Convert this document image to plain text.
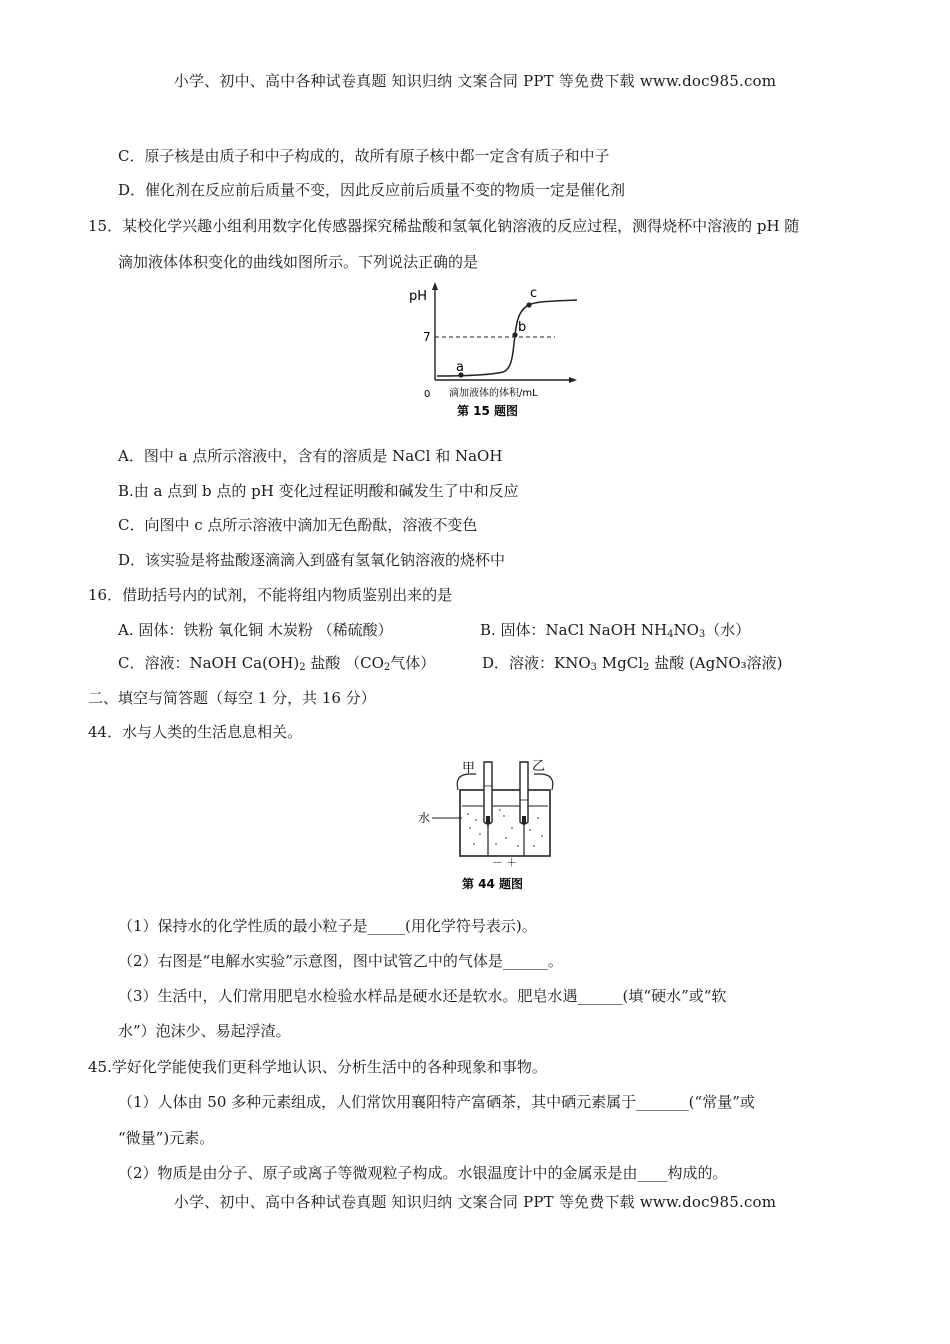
小学、初中、高中各种试卷真题 知识归纳 文案合同 PPT 等免费下载 www.doc985.com
C．原子核是由质子和中子构成的，故所有原子核中都一定含有质子和中子
D．催化剂在反应前后质量不变，因此反应前后质量不变的物质一定是催化剂
15．某校化学兴趣小组利用数字化传感器探究稀盐酸和氢氧化钠溶液的反应过程，测得烧杯中溶液的 pH 随
滴加液体体积变化的曲线如图所示。下列说法正确的是
pH
7
a
b
c
0 滴加液体的体积/mL
第 15 题图
A．图中 a 点所示溶液中，含有的溶质是 NaCl 和 NaOH
B.由 a 点到 b 点的 pH 变化过程证明酸和碱发生了中和反应
C．向图中 c 点所示溶液中滴加无色酚酞，溶液不变色
D．该实验是将盐酸逐滴滴入到盛有氢氧化钠溶液的烧杯中
16．借助括号内的试剂，不能将组内物质鉴别出来的是
A. 固体：铁粉 氧化铜 木炭粉 （稀硫酸）	B. 固体：NaCl NaOH $NH_4NO_3$（水）
C．溶液：NaOH $Ca(OH)_2$ 盐酸 （$CO_2$气体）	D．溶液：$KNO_3$ MgCl$_2$ 盐酸 (AgNO₃溶液)
二、填空与简答题（每空 1 分，共 16 分）
44．水与人类的生活息息相关。
甲	乙
水
－ ＋
第 44 题图
（1）保持水的化学性质的最小粒子是_____(用化学符号表示)。
（2）右图是“电解水实验”示意图，图中试管乙中的气体是______。
（3）生活中，人们常用肥皂水检验水样品是硬水还是软水。肥皂水遇______(填“硬水”或“软
水”）泡沫少、易起浮渣。
45.学好化学能使我们更科学地认识、分析生活中的各种现象和事物。
（1）人体由 50 多种元素组成，人们常饮用襄阳特产富硒茶，其中硒元素属于_______(“常量”或
“微量”)元素。
（2）物质是由分子、原子或离子等微观粒子构成。水银温度计中的金属汞是由____构成的。
小学、初中、高中各种试卷真题 知识归纳 文案合同 PPT 等免费下载 www.doc985.com
